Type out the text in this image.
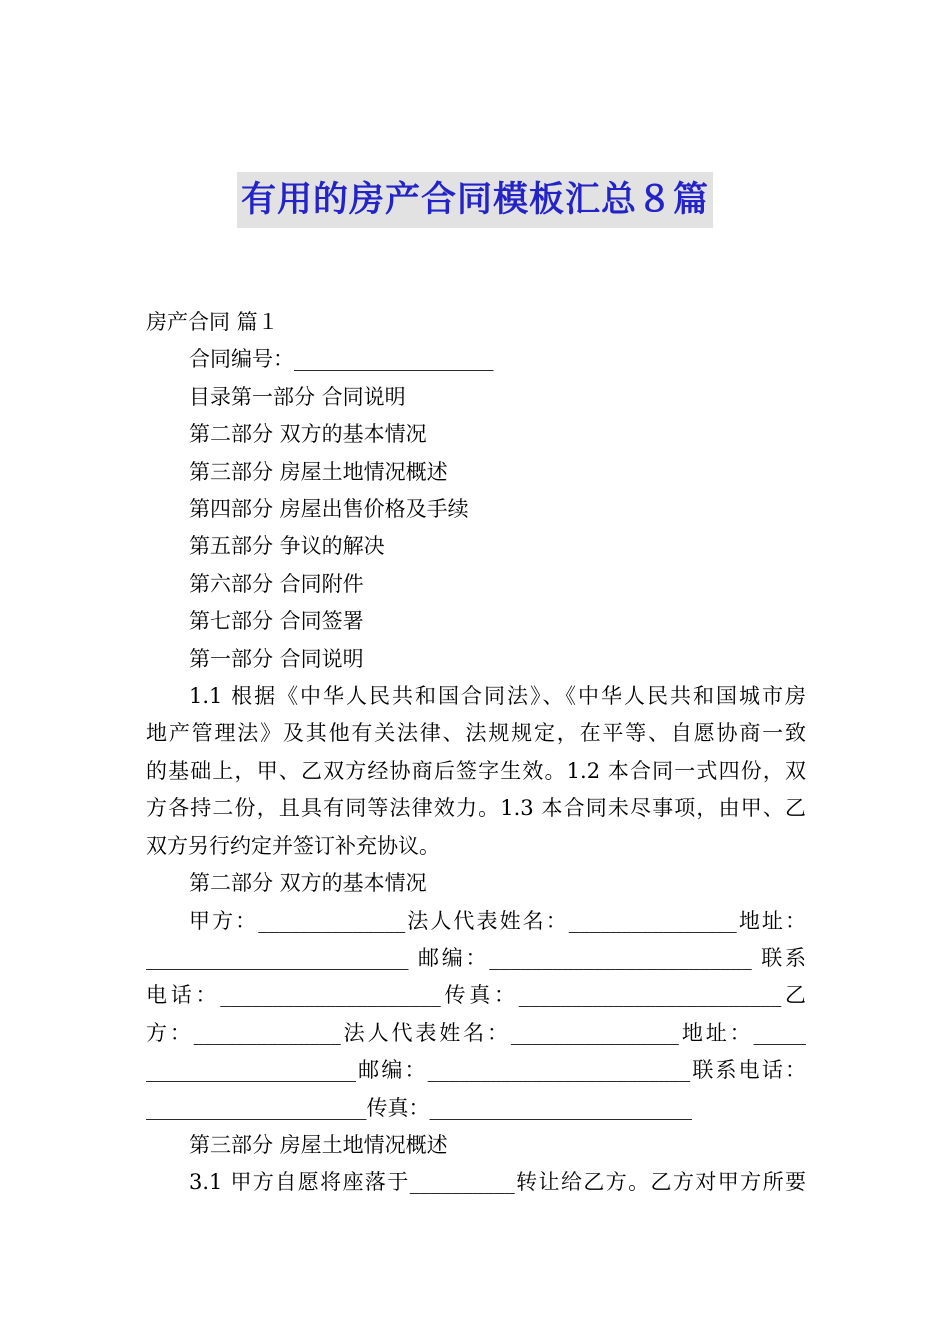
有用的房产合同模板汇总８篇

房产合同 篇１

合同编号：___________________

目录第一部分 合同说明

第二部分 双方的基本情况

第三部分 房屋土地情况概述

第四部分 房屋出售价格及手续

第五部分 争议的解决

第六部分 合同附件

第七部分 合同签署

第一部分 合同说明

1.1 根据《中华人民共和国合同法》、《中华人民共和国城市房
地产管理法》及其他有关法律、法规规定，在平等、自愿协商一致
的基础上，甲、乙双方经协商后签字生效。1.2 本合同一式四份，双
方各持二份，且具有同等法律效力。1.3 本合同未尽事项，由甲、乙
双方另行约定并签订补充协议。

第二部分 双方的基本情况

甲方：______________法人代表姓名：________________地址：
_________________________ 邮编：_________________________ 联系
电话：_____________________传真：_________________________乙
方：______________法人代表姓名：________________地址：_____
____________________邮编：_________________________联系电话：
_____________________传真：_________________________

第三部分 房屋土地情况概述

3.1 甲方自愿将座落于__________转让给乙方。乙方对甲方所要
